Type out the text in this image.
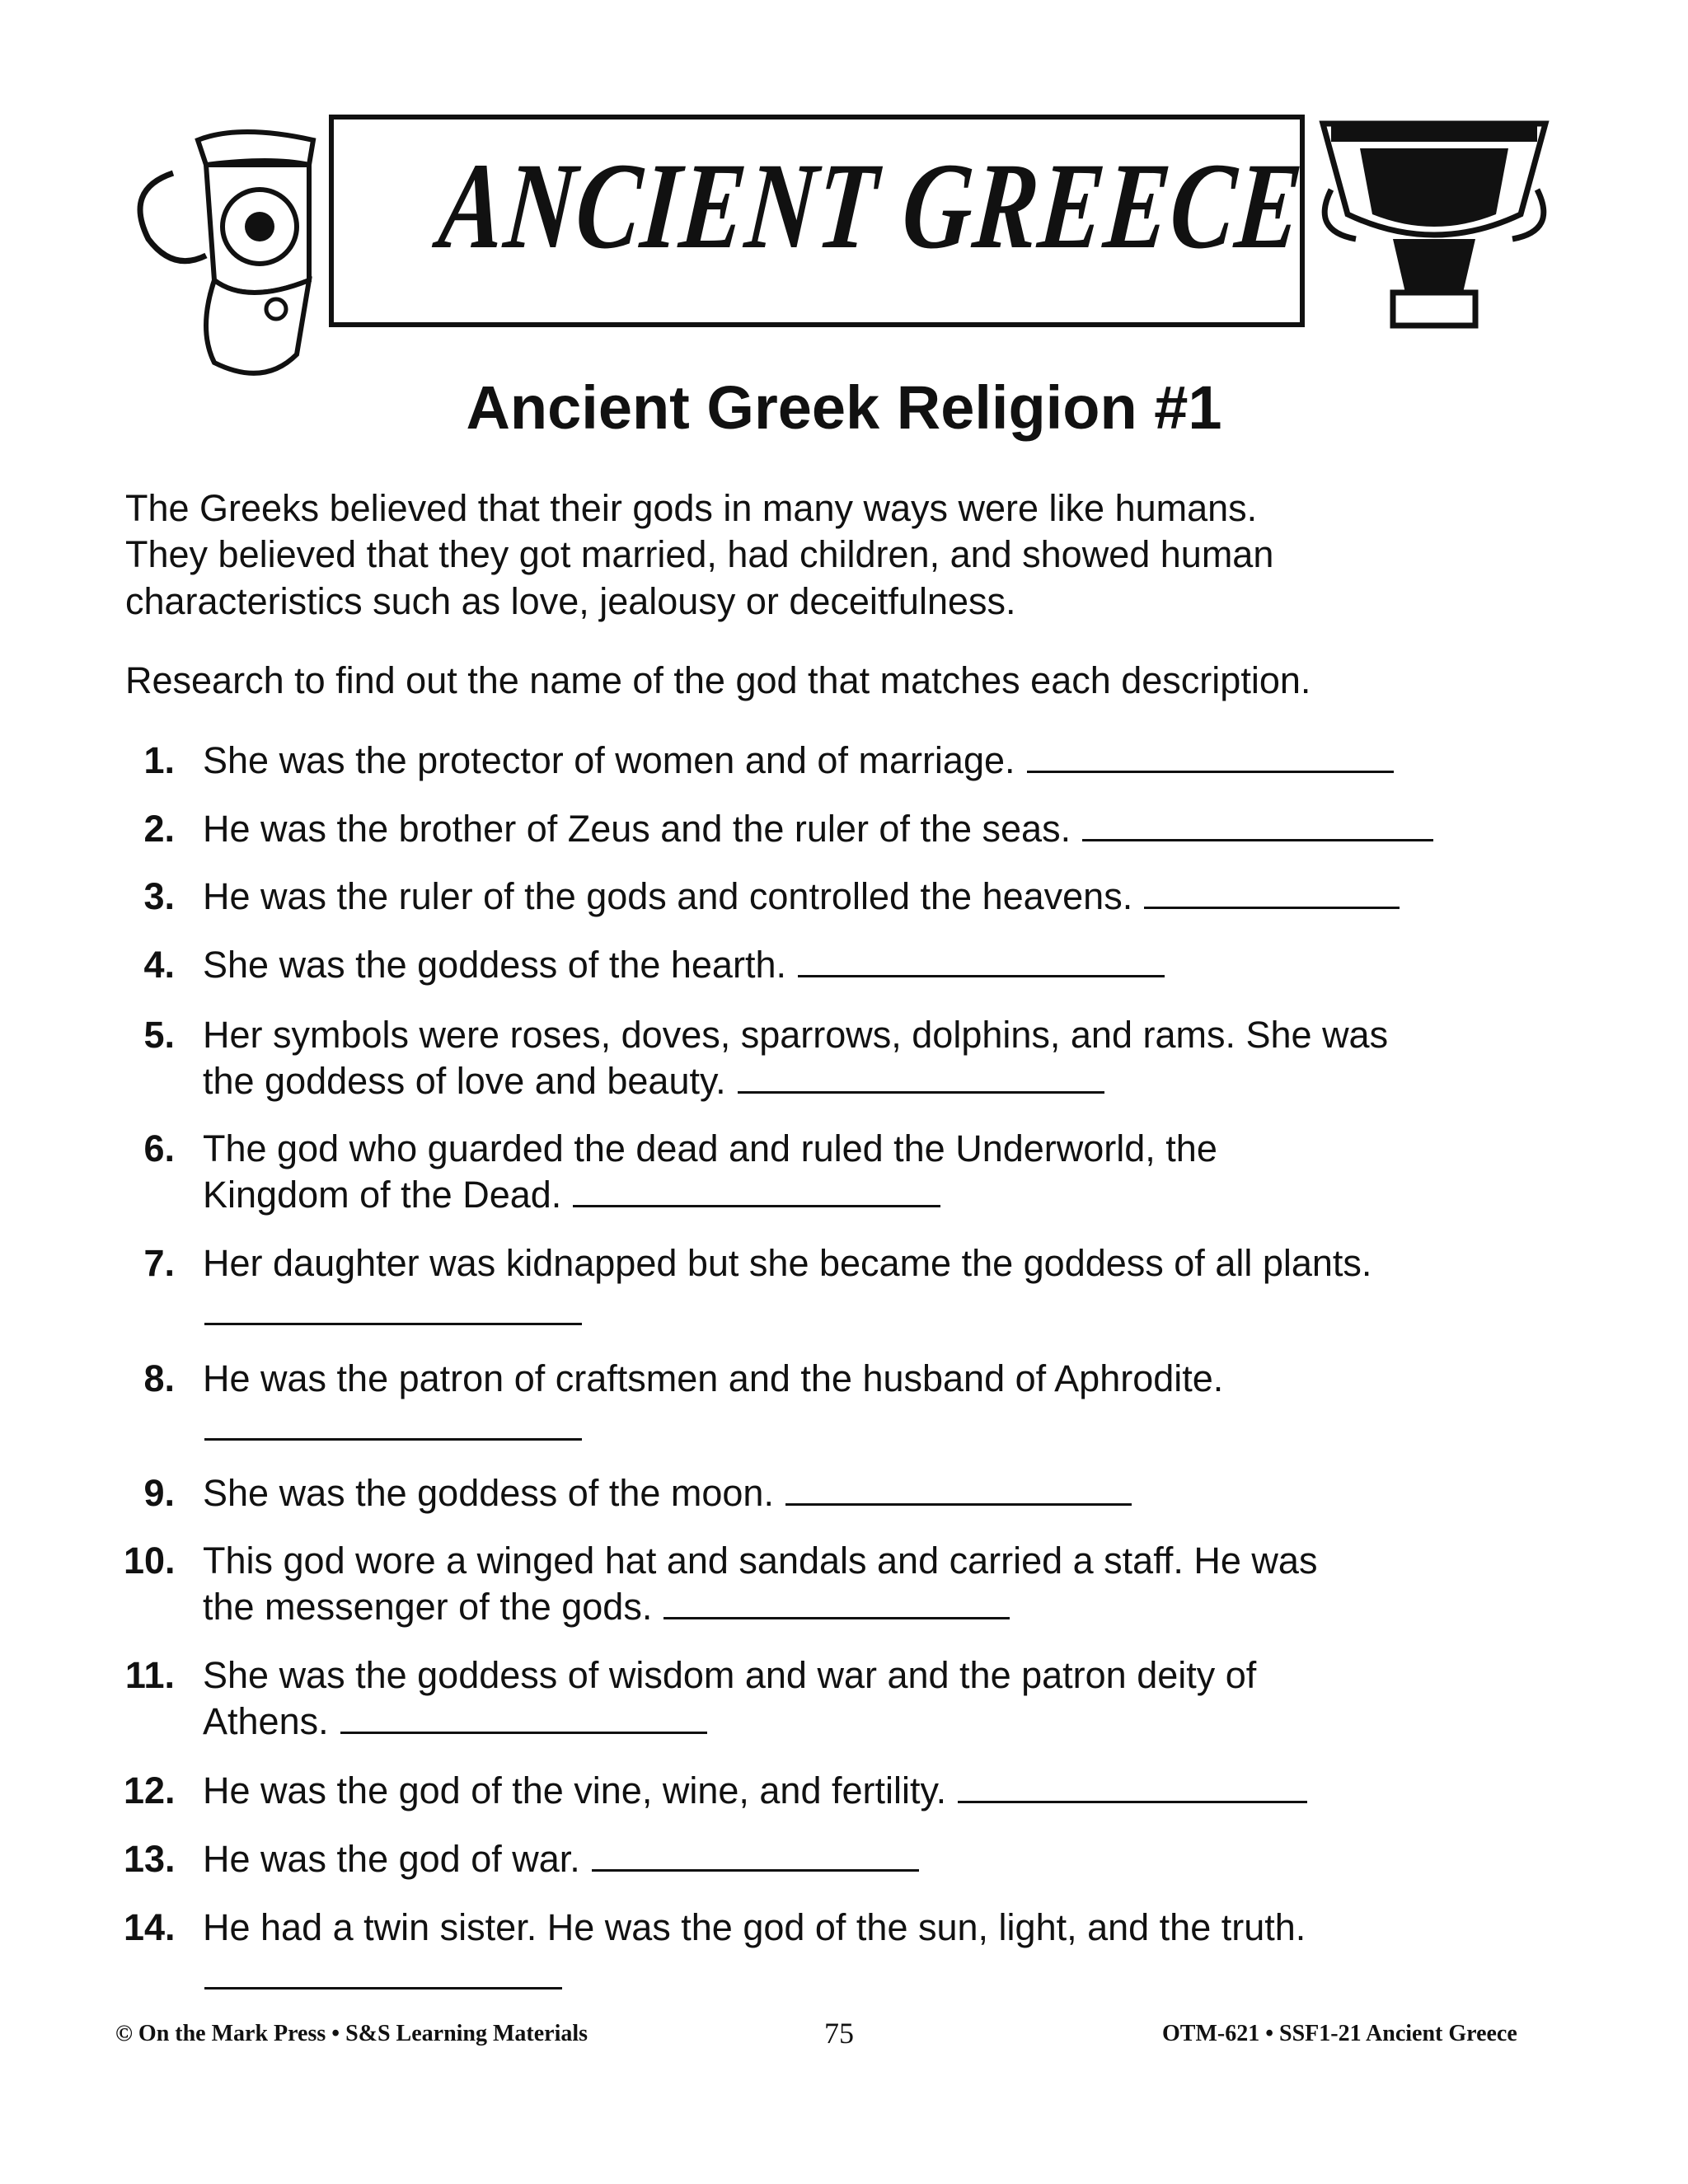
ANCIENT GREECE
Ancient Greek Religion #1
The Greeks believed that their gods in many ways were like humans.
They believed that they got married, had children, and showed human
characteristics such as love, jealousy or deceitfulness.
Research to find out the name of the god that matches each description.
1. She was the protector of women and of marriage.
2. He was the brother of Zeus and the ruler of the seas.
3. He was the ruler of the gods and controlled the heavens.
4. She was the goddess of the hearth.
5. Her symbols were roses, doves, sparrows, dolphins, and rams. She was
the goddess of love and beauty.
6. The god who guarded the dead and ruled the Underworld, the
Kingdom of the Dead.
7. Her daughter was kidnapped but she became the goddess of all plants.
8. He was the patron of craftsmen and the husband of Aphrodite.
9. She was the goddess of the moon.
10. This god wore a winged hat and sandals and carried a staff. He was
the messenger of the gods.
11. She was the goddess of wisdom and war and the patron deity of
Athens.
12. He was the god of the vine, wine, and fertility.
13. He was the god of war.
14. He had a twin sister. He was the god of the sun, light, and the truth.
© On the Mark Press • S&S Learning Materials	75	OTM-621 • SSF1-21 Ancient Greece
